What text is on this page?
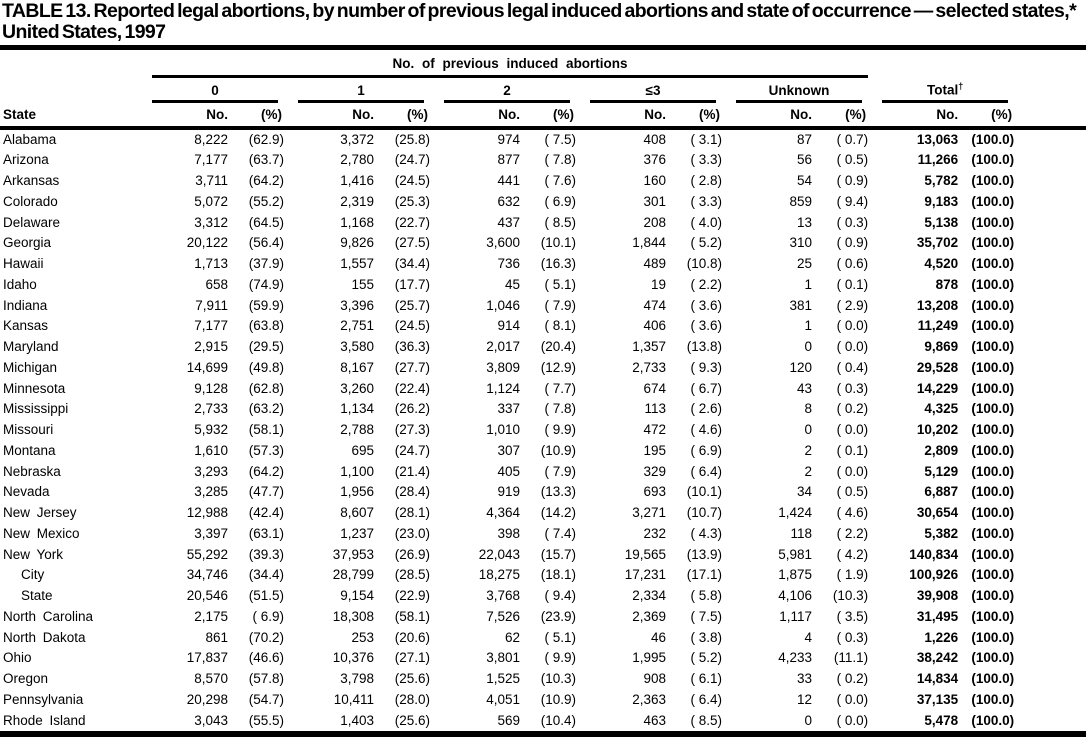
TABLE 13. Reported legal abortions, by number of previous legal induced abortions and state of occurrence — selected states,*
United States, 1997

	No. of previous induced abortions												

	0		1		2		≤3		Unknown		Total†

State	No.	(%)	No.	(%)	No.	(%)	No.	(%)	No.	(%)	No.	(%)	
Alabama	8,222	(62.9)	3,372	(25.8)	974	( 7.5)	408	( 3.1)	87	( 0.7)	13,063	(100.0)	
Arizona	7,177	(63.7)	2,780	(24.7)	877	( 7.8)	376	( 3.3)	56	( 0.5)	11,266	(100.0)	
Arkansas	3,711	(64.2)	1,416	(24.5)	441	( 7.6)	160	( 2.8)	54	( 0.9)	5,782	(100.0)	
Colorado	5,072	(55.2)	2,319	(25.3)	632	( 6.9)	301	( 3.3)	859	( 9.4)	9,183	(100.0)	
Delaware	3,312	(64.5)	1,168	(22.7)	437	( 8.5)	208	( 4.0)	13	( 0.3)	5,138	(100.0)	
Georgia	20,122	(56.4)	9,826	(27.5)	3,600	(10.1)	1,844	( 5.2)	310	( 0.9)	35,702	(100.0)	
Hawaii	1,713	(37.9)	1,557	(34.4)	736	(16.3)	489	(10.8)	25	( 0.6)	4,520	(100.0)	
Idaho	658	(74.9)	155	(17.7)	45	( 5.1)	19	( 2.2)	1	( 0.1)	878	(100.0)	
Indiana	7,911	(59.9)	3,396	(25.7)	1,046	( 7.9)	474	( 3.6)	381	( 2.9)	13,208	(100.0)	
Kansas	7,177	(63.8)	2,751	(24.5)	914	( 8.1)	406	( 3.6)	1	( 0.0)	11,249	(100.0)	
Maryland	2,915	(29.5)	3,580	(36.3)	2,017	(20.4)	1,357	(13.8)	0	( 0.0)	9,869	(100.0)	
Michigan	14,699	(49.8)	8,167	(27.7)	3,809	(12.9)	2,733	( 9.3)	120	( 0.4)	29,528	(100.0)	
Minnesota	9,128	(62.8)	3,260	(22.4)	1,124	( 7.7)	674	( 6.7)	43	( 0.3)	14,229	(100.0)	
Mississippi	2,733	(63.2)	1,134	(26.2)	337	( 7.8)	113	( 2.6)	8	( 0.2)	4,325	(100.0)	
Missouri	5,932	(58.1)	2,788	(27.3)	1,010	( 9.9)	472	( 4.6)	0	( 0.0)	10,202	(100.0)	
Montana	1,610	(57.3)	695	(24.7)	307	(10.9)	195	( 6.9)	2	( 0.1)	2,809	(100.0)	
Nebraska	3,293	(64.2)	1,100	(21.4)	405	( 7.9)	329	( 6.4)	2	( 0.0)	5,129	(100.0)	
Nevada	3,285	(47.7)	1,956	(28.4)	919	(13.3)	693	(10.1)	34	( 0.5)	6,887	(100.0)	
New Jersey	12,988	(42.4)	8,607	(28.1)	4,364	(14.2)	3,271	(10.7)	1,424	( 4.6)	30,654	(100.0)	
New Mexico	3,397	(63.1)	1,237	(23.0)	398	( 7.4)	232	( 4.3)	118	( 2.2)	5,382	(100.0)	
New York	55,292	(39.3)	37,953	(26.9)	22,043	(15.7)	19,565	(13.9)	5,981	( 4.2)	140,834	(100.0)	
City	34,746	(34.4)	28,799	(28.5)	18,275	(18.1)	17,231	(17.1)	1,875	( 1.9)	100,926	(100.0)	
State	20,546	(51.5)	9,154	(22.9)	3,768	( 9.4)	2,334	( 5.8)	4,106	(10.3)	39,908	(100.0)	
North Carolina	2,175	( 6.9)	18,308	(58.1)	7,526	(23.9)	2,369	( 7.5)	1,117	( 3.5)	31,495	(100.0)	
North Dakota	861	(70.2)	253	(20.6)	62	( 5.1)	46	( 3.8)	4	( 0.3)	1,226	(100.0)	
Ohio	17,837	(46.6)	10,376	(27.1)	3,801	( 9.9)	1,995	( 5.2)	4,233	(11.1)	38,242	(100.0)	
Oregon	8,570	(57.8)	3,798	(25.6)	1,525	(10.3)	908	( 6.1)	33	( 0.2)	14,834	(100.0)	
Pennsylvania	20,298	(54.7)	10,411	(28.0)	4,051	(10.9)	2,363	( 6.4)	12	( 0.0)	37,135	(100.0)	
Rhode Island	3,043	(55.5)	1,403	(25.6)	569	(10.4)	463	( 8.5)	0	( 0.0)	5,478	(100.0)	
